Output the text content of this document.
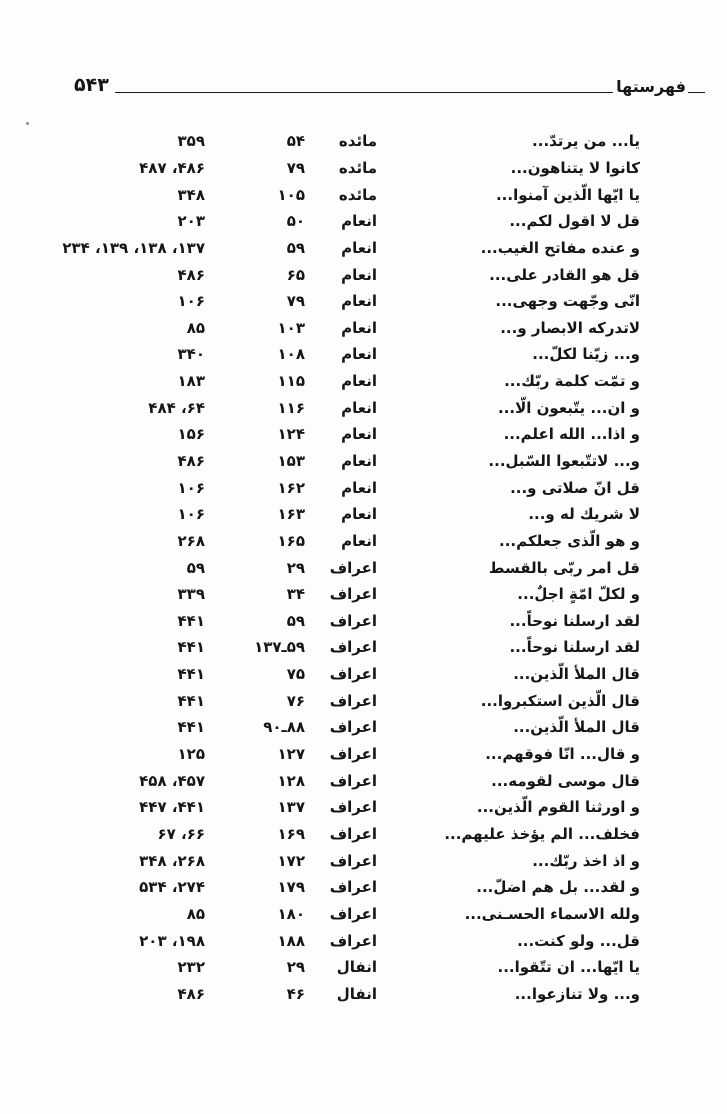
۵۴۳	فهرستها
يا... من يرتدّ...
مائده
۵۴
۳۵۹
كانوا لا يتناهون...
مائده
۷۹
۴۸۶، ۴۸۷
يا ايّها الّذين آمنوا...
مائده
۱۰۵
۳۴۸
قل لا اقول لكم...
انعام
۵۰
۲۰۳
و عنده مفاتح الغيب...
انعام
۵۹
۱۳۷، ۱۳۸، ۱۳۹، ۲۳۴
قل هو القادر على...
انعام
۶۵
۴۸۶
انّى وجّهت وجهى...
انعام
۷۹
۱۰۶
لاتدركه الابصار و...
انعام
۱۰۳
۸۵
و... زيّنا لكلّ...
انعام
۱۰۸
۳۴۰
و تمّت كلمة ربّك...
انعام
۱۱۵
۱۸۳
و ان... يتّبعون الّا...
انعام
۱۱۶
۶۴، ۴۸۴
و اذا... الله اعلم...
انعام
۱۲۴
۱۵۶
و... لاتتّبعوا السّبل...
انعام
۱۵۳
۴۸۶
قل انّ صلاتى و...
انعام
۱۶۲
۱۰۶
لا شريك له و...
انعام
۱۶۳
۱۰۶
و هو الّذى جعلكم...
انعام
۱۶۵
۲۶۸
قل امر ربّى بالقسط
اعراف
۲۹
۵۹
و لكلّ امّةٍ اجلٌ...
اعراف
۳۴
۳۳۹
لقد ارسلنا نوحاً...
اعراف
۵۹
۴۴۱
لقد ارسلنا نوحاً...
اعراف
۵۹ـ۱۳۷
۴۴۱
قال الملأ الّذين...
اعراف
۷۵
۴۴۱
قال الّذين استكبروا...
اعراف
۷۶
۴۴۱
قال الملأ الّذين...
اعراف
۸۸ـ۹۰
۴۴۱
و قال... انّا فوقهم...
اعراف
۱۲۷
۱۲۵
قال موسى لقومه...
اعراف
۱۲۸
۴۵۷، ۴۵۸
و اورثنا القوم الّذين...
اعراف
۱۳۷
۴۴۱، ۴۴۷
فخلف... الم يؤخذ عليهم...
اعراف
۱۶۹
۶۶، ۶۷
و اذ اخذ ربّك...
اعراف
۱۷۲
۲۶۸، ۳۴۸
و لقد... بل هم اضلّ...
اعراف
۱۷۹
۲۷۴، ۵۳۴
ولله الاسماء الحسـنى...
اعراف
۱۸۰
۸۵
قل... ولو كنت...
اعراف
۱۸۸
۱۹۸، ۲۰۳
يا ايّها... ان تتّقوا...
انفال
۲۹
۲۳۲
و... ولا تنازعوا...
انفال
۴۶
۴۸۶
